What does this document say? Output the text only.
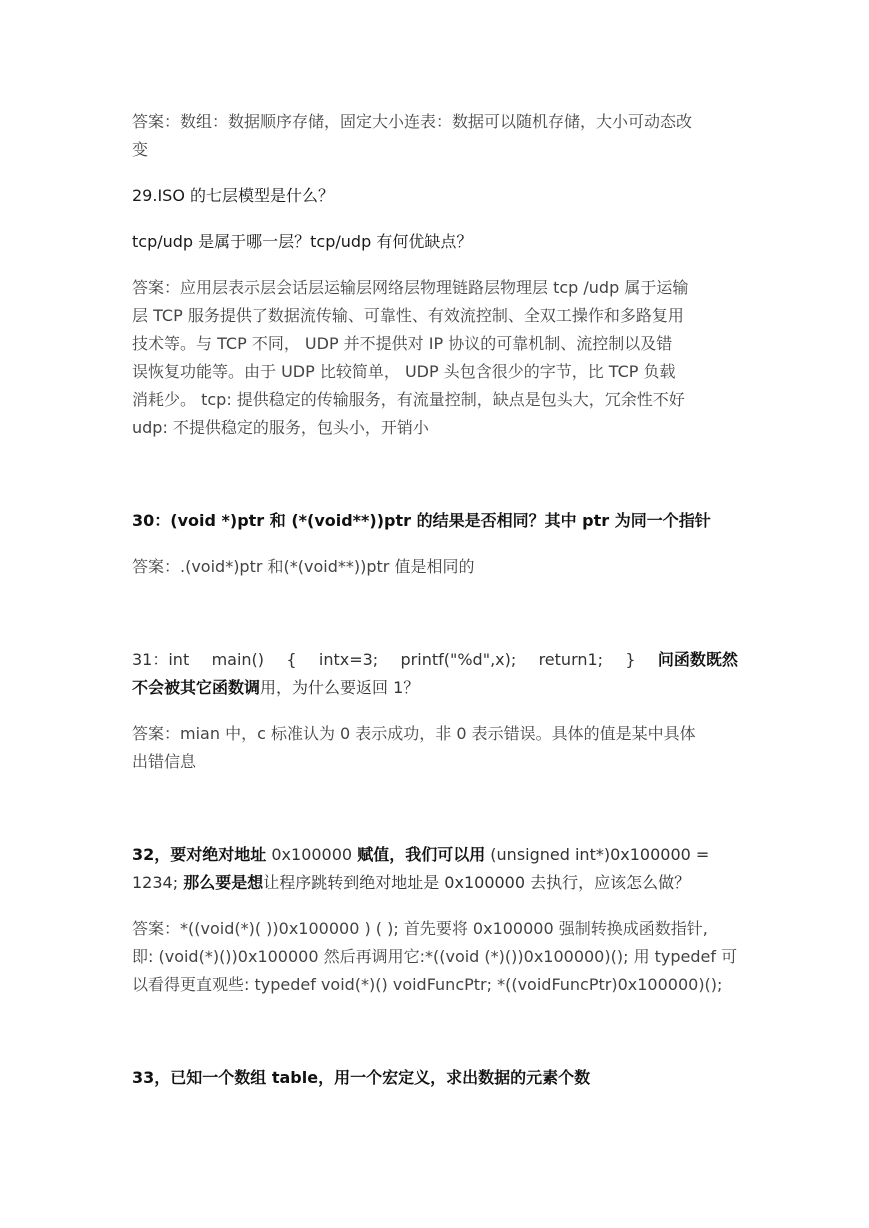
答案：数组：数据顺序存储，固定大小连表：数据可以随机存储，大小可动态改
变
29.ISO 的七层模型是什么？
tcp/udp 是属于哪一层？tcp/udp 有何优缺点？
答案：应用层表示层会话层运输层网络层物理链路层物理层 tcp /udp 属于运输
层 TCP 服务提供了数据流传输、可靠性、有效流控制、全双工操作和多路复用
技术等。与 TCP 不同， UDP 并不提供对 IP 协议的可靠机制、流控制以及错
误恢复功能等。由于 UDP 比较简单， UDP 头包含很少的字节，比 TCP 负载
消耗少。 tcp: 提供稳定的传输服务，有流量控制，缺点是包头大，冗余性不好
udp: 不提供稳定的服务，包头小，开销小
30：(void *)ptr 和 (*(void**))ptr 的结果是否相同？其中 ptr 为同一个指针
答案：.(void*)ptr 和(*(void**))ptr 值是相同的
31：int main() { intx=3; printf("%d",x); return1; } 问函数既然
不会被其它函数调用，为什么要返回 1？
答案：mian 中，c 标准认为 0 表示成功，非 0 表示错误。具体的值是某中具体
出错信息
32，要对绝对地址 0x100000 赋值，我们可以用 (unsigned int*)0x100000 =
1234; 那么要是想让程序跳转到绝对地址是 0x100000 去执行，应该怎么做？
答案：*((void(*)( ))0x100000 ) ( ); 首先要将 0x100000 强制转换成函数指针,
即: (void(*)())0x100000 然后再调用它:*((void (*)())0x100000)(); 用 typedef 可
以看得更直观些: typedef void(*)() voidFuncPtr; *((voidFuncPtr)0x100000)();
33，已知一个数组 table，用一个宏定义，求出数据的元素个数
